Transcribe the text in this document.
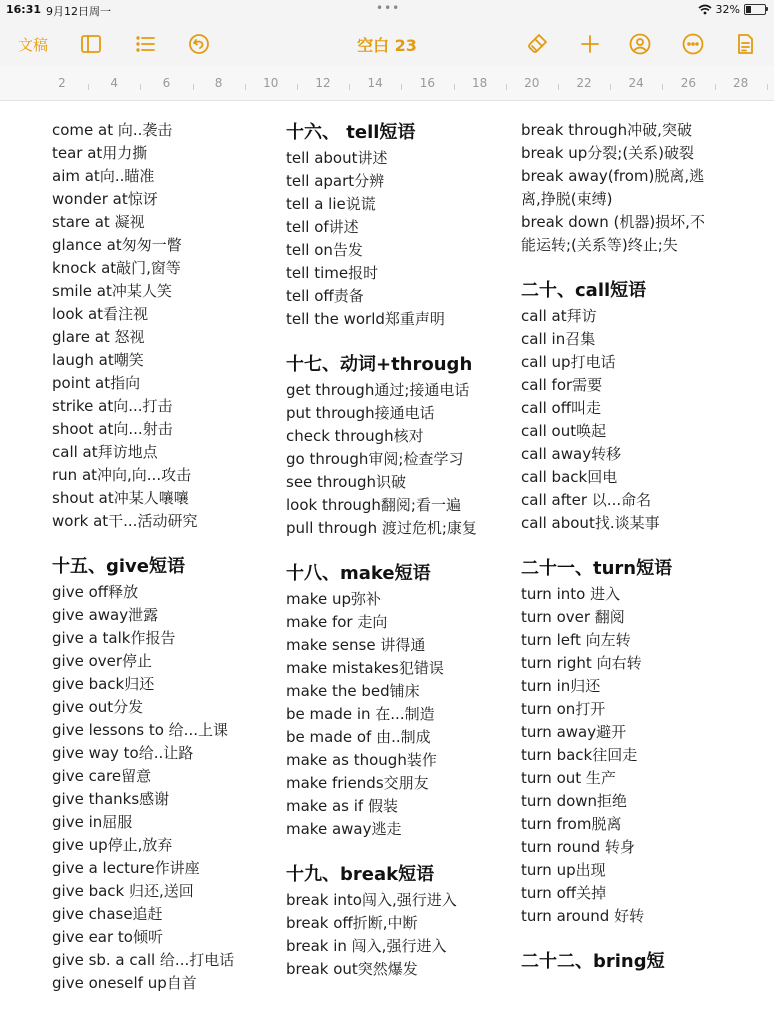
16:31 9月12日周一	•••	32%
文稿	空白 23
2	4	6	8	10	12	14	16	18	20	22	24	26	28
come at 向..袭击
tear at用力撕
aim at向..瞄准
wonder at惊讶
stare at 凝视
glance at匆匆一瞥
knock at敲门,窗等
smile at冲某人笑
look at看注视
glare at 怒视
laugh at嘲笑
point at指向
strike at向...打击
shoot at向...射击
call at拜访地点
run at冲向,向...攻击
shout at冲某人嚷嚷
work at干...活动研究
十五、give短语
give off释放
give away泄露
give a talk作报告
give over停止
give back归还
give out分发
give lessons to 给...上课
give way to给..让路
give care留意
give thanks感谢
give in屈服
give up停止,放弃
give a lecture作讲座
give back 归还,送回
give chase追赶
give ear to倾听
give sb. a call 给...打电话
give oneself up自首
十六、 tell短语
tell about讲述
tell apart分辨
tell a lie说谎
tell of讲述
tell on告发
tell time报时
tell off责备
tell the world郑重声明
十七、动词+through
get through通过;接通电话
put through接通电话
check through核对
go through审阅;检查学习
see through识破
look through翻阅;看一遍
pull through 渡过危机;康复
十八、make短语
make up弥补
make for 走向
make sense 讲得通
make mistakes犯错误
make the bed铺床
be made in 在...制造
be made of 由..制成
make as though装作
make friends交朋友
make as if 假装
make away逃走
十九、break短语
break into闯入,强行进入
break off折断,中断
break in 闯入,强行进入
break out突然爆发
break through冲破,突破
break up分裂;(关系)破裂
break away(from)脱离,逃
离,挣脱(束缚)
break down (机器)损坏,不
能运转;(关系等)终止;失
二十、call短语
call at拜访
call in召集
call up打电话
call for需要
call off叫走
call out唤起
call away转移
call back回电
call after 以...命名
call about找.谈某事
二十一、turn短语
turn into 进入
turn over 翻阅
turn left 向左转
turn right 向右转
turn in归还
turn on打开
turn away避开
turn back往回走
turn out 生产
turn down拒绝
turn from脱离
turn round 转身
turn up出现
turn off关掉
turn around 好转
二十二、bring短
